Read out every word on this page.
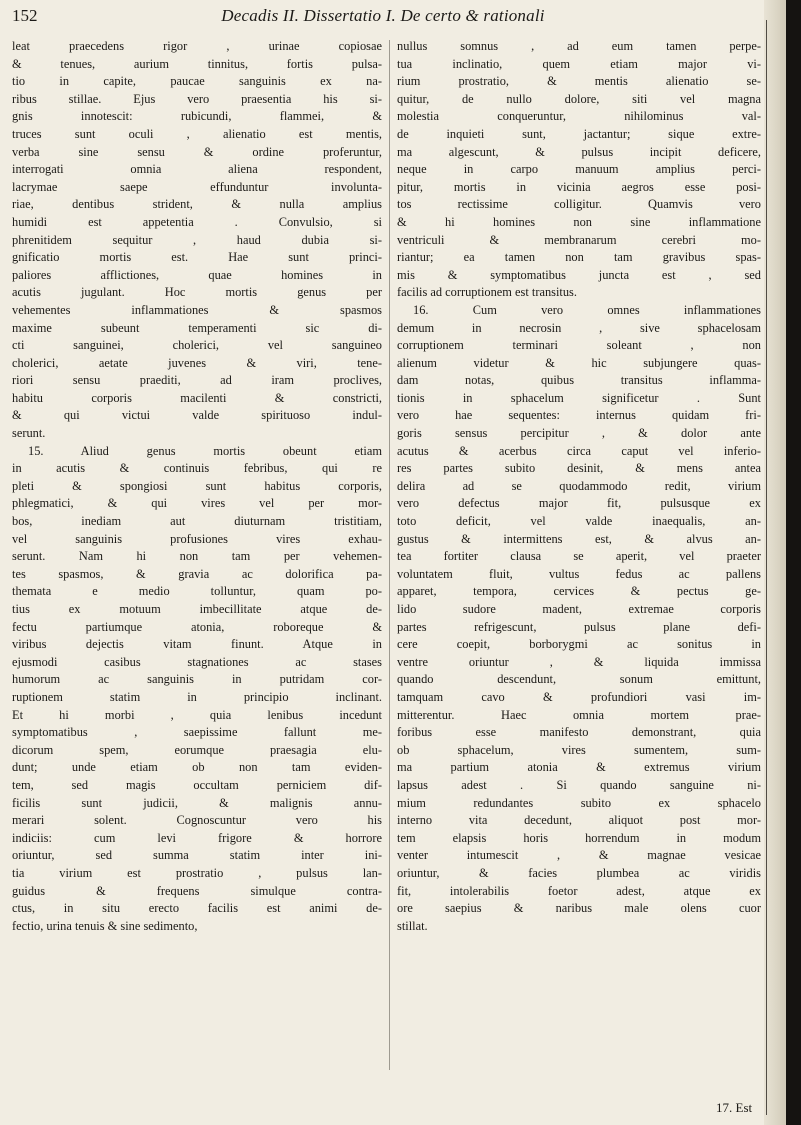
152	Decadis II. Dissertatio I. De certo & rationali
leat praecedens rigor , urinae copiosae
& tenues, aurium tinnitus, fortis pulsa-
tio in capite, paucae sanguinis ex na-
ribus stillae. Ejus vero praesentia his si-
gnis innotescit: rubicundi, flammei, &
truces sunt oculi , alienatio est mentis,
verba sine sensu & ordine proferuntur,
interrogati omnia aliena respondent,
lacrymae saepe effunduntur involunta-
riae, dentibus strident, & nulla amplius
humidi est appetentia . Convulsio, si
phrenitidem sequitur , haud dubia si-
gnificatio mortis est. Hae sunt princi-
paliores afflictiones, quae homines in
acutis jugulant. Hoc mortis genus per
vehementes inflammationes & spasmos
maxime subeunt temperamenti sic di-
cti sanguinei, cholerici, vel sanguineo
cholerici, aetate juvenes & viri, tene-
riori sensu praediti, ad iram proclives,
habitu corporis macilenti & constricti,
& qui victui valde spirituoso indul-
serunt.
15. Aliud genus mortis obeunt etiam
in acutis & continuis febribus, qui re
pleti & spongiosi sunt habitus corporis,
phlegmatici, & qui vires vel per mor-
bos, inediam aut diuturnam tristitiam,
vel sanguinis profusiones vires exhau-
serunt. Nam hi non tam per vehemen-
tes spasmos, & gravia ac dolorifica pa-
themata e medio tolluntur, quam po-
tius ex motuum imbecillitate atque de-
fectu partiumque atonia, roboreque &
viribus dejectis vitam finunt. Atque in
ejusmodi casibus stagnationes ac stases
humorum ac sanguinis in putridam cor-
ruptionem statim in principio inclinant.
Et hi morbi , quia lenibus incedunt
symptomatibus , saepissime fallunt me-
dicorum spem, eorumque praesagia elu-
dunt; unde etiam ob non tam eviden-
tem, sed magis occultam perniciem dif-
ficilis sunt judicii, & malignis annu-
merari solent. Cognoscuntur vero his
indiciis: cum levi frigore & horrore
oriuntur, sed summa statim inter ini-
tia virium est prostratio , pulsus lan-
guidus & frequens simulque contra-
ctus, in situ erecto facilis est animi de-
fectio, urina tenuis & sine sedimento,
nullus somnus , ad eum tamen perpe-
tua inclinatio, quem etiam major vi-
rium prostratio, & mentis alienatio se-
quitur, de nullo dolore, siti vel magna
molestia conqueruntur, nihilominus val-
de inquieti sunt, jactantur; sique extre-
ma algescunt, & pulsus incipit deficere,
neque in carpo manuum amplius perci-
pitur, mortis in vicinia aegros esse posi-
tos rectissime colligitur. Quamvis vero
& hi homines non sine inflammatione
ventriculi & membranarum cerebri mo-
riantur; ea tamen non tam gravibus spas-
mis & symptomatibus juncta est , sed
facilis ad corruptionem est transitus.
16. Cum vero omnes inflammationes
demum in necrosin , sive sphacelosam
corruptionem terminari soleant , non
alienum videtur & hic subjungere quas-
dam notas, quibus transitus inflamma-
tionis in sphacelum significetur . Sunt
vero hae sequentes: internus quidam fri-
goris sensus percipitur , & dolor ante
acutus & acerbus circa caput vel inferio-
res partes subito desinit, & mens antea
delira ad se quodammodo redit, virium
vero defectus major fit, pulsusque ex
toto deficit, vel valde inaequalis, an-
gustus & intermittens est, & alvus an-
tea fortiter clausa se aperit, vel praeter
voluntatem fluit, vultus fedus ac pallens
apparet, tempora, cervices & pectus ge-
lido sudore madent, extremae corporis
partes refrigescunt, pulsus plane defi-
cere coepit, borborygmi ac sonitus in
ventre oriuntur , & liquida immissa
quando descendunt, sonum emittunt,
tamquam cavo & profundiori vasi im-
mitterentur. Haec omnia mortem prae-
foribus esse manifesto demonstrant, quia
ob sphacelum, vires sumentem, sum-
ma partium atonia & extremus virium
lapsus adest . Si quando sanguine ni-
mium redundantes subito ex sphacelo
interno vita decedunt, aliquot post mor-
tem elapsis horis horrendum in modum
venter intumescit , & magnae vesicae
oriuntur, & facies plumbea ac viridis
fit, intolerabilis foetor adest, atque ex
ore saepius & naribus male olens cuor
stillat.
17. Est
